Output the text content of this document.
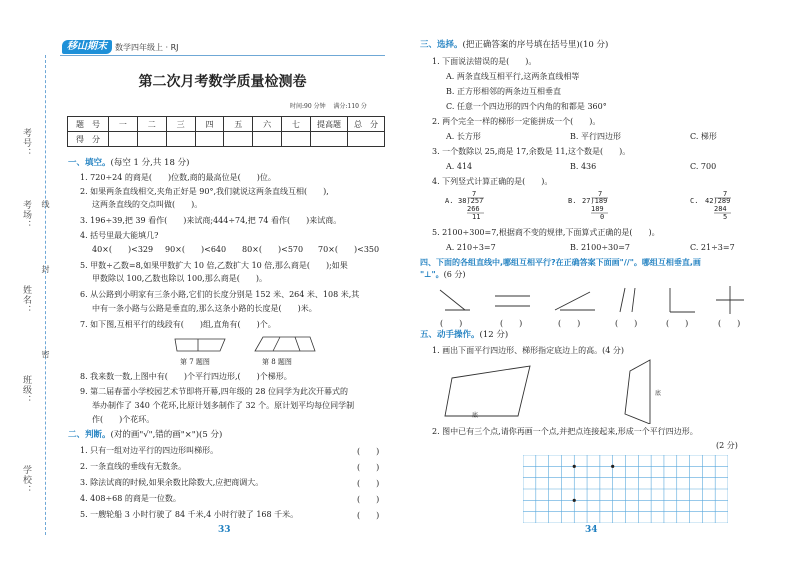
考号：
考场：
姓名：
班级：
学校：
线
封
密
移山期末	数学四年级上 · RJ
第二次月考数学质量检测卷
时间:90 分钟　 满分:110 分
题　号	一	二	三	四	五	六	七	提高题	总　分
得　分									
一、填空。(每空 1 分,共 18 分)
1. 720÷24 的商是(　　)位数,商的最高位是(　　)位。
2. 如果两条直线相交,夹角正好是 90°,我们就说这两条直线互相(　　),
这两条直线的交点叫做(　　)。
3. 196÷39,把 39 看作(　　)来试商;444÷74,把 74 看作(　　)来试商。
4. 括号里最大能填几?
40×(　　)<329 90×(　　)<640 80×(　　)<570 70×(　　)<350
5. 甲数÷乙数=8,如果甲数扩大 10 倍,乙数扩大 10 倍,那么商是(　　);如果
甲数除以 100,乙数也除以 100,那么商是(　　)。
6. 从公路到小明家有三条小路,它们的长度分别是 152 米、264 米、108 米,其
中有一条小路与公路是垂直的,那么这条小路的长度是(　　)米。
7. 如下图,互相平行的线段有(　　)组,直角有(　　)个。
第 7 题图	第 8 题图
8. 我来数一数,上图中有(　　)个平行四边形,(　　)个梯形。
9. 第二届春蕾小学校园艺术节即将开幕,四年级的 28 位同学为此次开幕式的
举办制作了 340 个花环,比原计划多制作了 32 个。原计划平均每位同学制
作(　　)个花环。
二、判断。(对的画"√",错的画"×")(5 分)
1. 只有一组对边平行的四边形叫梯形。
2. 一条直线的垂线有无数条。
3. 除法试商的时候,如果余数比除数大,应把商调大。
4. 408÷68 的商是一位数。
5. 一艘轮船 3 小时行驶了 84 千米,4 小时行驶了 168 千米。
(　　)
(　　)
(　　)
(　　)
(　　)
33
三、选择。(把正确答案的序号填在括号里)(10 分)
1. 下面说法错误的是(　　)。
A. 两条直线互相平行,这两条直线相等
B. 正方形相邻的两条边互相垂直
C. 任意一个四边形的四个内角的和都是 360°
2. 两个完全一样的梯形一定能拼成一个(　　)。
A. 长方形	B. 平行四边形	C. 梯形
3. 一个数除以 25,商是 17,余数是 11,这个数是(　　)。
A. 414	B. 436	C. 700
4. 下列竖式计算正确的是(　　)。
A.
7
38)257
266
11
B.
7
27)189
189
0
C.
7
42)289
284
5
5. 2100÷300=7,根据商不变的规律,下面算式正确的是(　　)。
A. 210÷3=7	B. 2100÷30=7	C. 21÷3=7
四、下面的各组直线中,哪组互相平行?在正确答案下面画"//"。哪组互相垂直,画
"⊥"。(6 分)
(　　)	(　　)	(　　)	(　　)	(　　)	(　　)
五、动手操作。(12 分)
1. 画出下面平行四边形、梯形指定底边上的高。(4 分)
底
底
2. 图中已有三个点,请你再画一个点,并把点连接起来,形成一个平行四边形。
(2 分)
34
